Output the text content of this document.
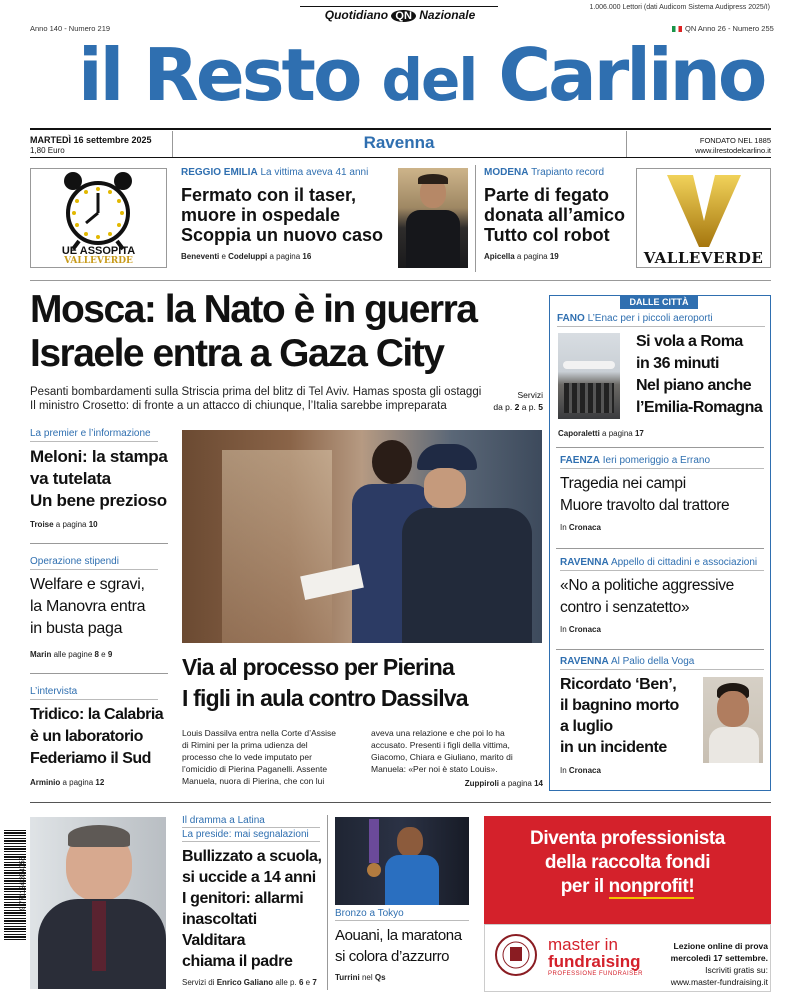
Quotidiano QN Nazionale
1.006.000 Lettori (dati Audicom Sistema Audipress 2025/I)
Anno 140 - Numero 219	QN Anno 26 - Numero 255
il Resto del Carlino
MARTEDÌ 16 settembre 2025
1,80 Euro	Ravenna	FONDATO NEL 1885
www.ilrestodelcarlino.it
UE ASSOPITA
VALLEVERDE
REGGIO EMILIA La vittima aveva 41 anni
Fermato con il taser,
muore in ospedale
Scoppia un nuovo caso
Beneventi e Codeluppi a pagina 16
MODENA Trapianto record
Parte di fegato
donata all’amico
Tutto col robot
Apicella a pagina 19	VALLEVERDE
Mosca: la Nato è in guerra
Israele entra a Gaza City
Pesanti bombardamenti sulla Striscia prima del blitz di Tel Aviv. Hamas sposta gli ostaggi
Il ministro Crosetto: di fronte a un attacco di chiunque, l’Italia sarebbe impreparata
Servizi
da p. 2 a p. 5
La premier e l’informazione
Meloni: la stampa
va tutelata
Un bene prezioso
Troise a pagina 10
Operazione stipendi
Welfare e sgravi,
la Manovra entra
in busta paga
Marin alle pagine 8 e 9
L’intervista
Tridico: la Calabria
è un laboratorio
Federiamo il Sud
Arminio a pagina 12
Via al processo per Pierina
I figli in aula contro Dassilva
Louis Dassilva entra nella Corte d’Assise
di Rimini per la prima udienza del
processo che lo vede imputato per
l’omicidio di Pierina Paganelli. Assente
Manuela, nuora di Pierina, che con lui
aveva una relazione e che poi lo ha
accusato. Presenti i figli della vittima,
Giacomo, Chiara e Giuliano, marito di
Manuela: «Per noi è stato Louis».
Zuppiroli a pagina 14
DALLE CITTÀ
FANO L’Enac per i piccoli aeroporti
Si vola a Roma
in 36 minuti
Nel piano anche
l’Emilia-Romagna
Caporaletti a pagina 17
FAENZA Ieri pomeriggio a Errano
Tragedia nei campi
Muore travolto dal trattore
In Cronaca
RAVENNA Appello di cittadini e associazioni
«No a politiche aggressive
contro i senzatetto»
In Cronaca
RAVENNA Al Palio della Voga
Ricordato ‘Ben’,
il bagnino morto
a luglio
in un incidente
In Cronaca
9 771124 334055
Il dramma a Latina
La preside: mai segnalazioni
Bullizzato a scuola,
si uccide a 14 anni
I genitori: allarmi
inascoltati
Valditara
chiama il padre
Servizi di Enrico Galiano alle p. 6 e 7
Bronzo a Tokyo
Aouani, la maratona
si colora d’azzurro
Turrini nel Qs
Diventa professionista
della raccolta fondi
per il nonprofit!
master in
fundraising
PROFESSIONE FUNDRAISER
Lezione online di prova
mercoledì 17 settembre.
Iscriviti gratis su:
www.master-fundraising.it
